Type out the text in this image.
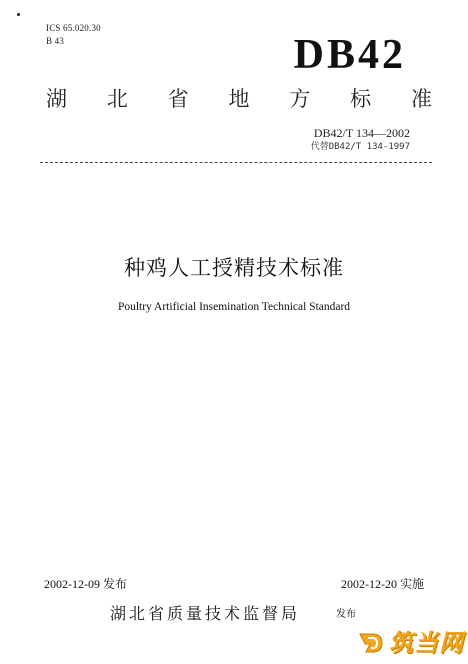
ICS 65.020.30
B 43	DB42
湖 北 省 地 方 标 准
DB42/T 134—2002
代替DB42/T 134-1997
种鸡人工授精技术标准
Poultry Artificial Insemination Technical Standard
2002-12-09 发布	2002-12-20 实施
湖北省质量技术监督局	发布
筑当网
